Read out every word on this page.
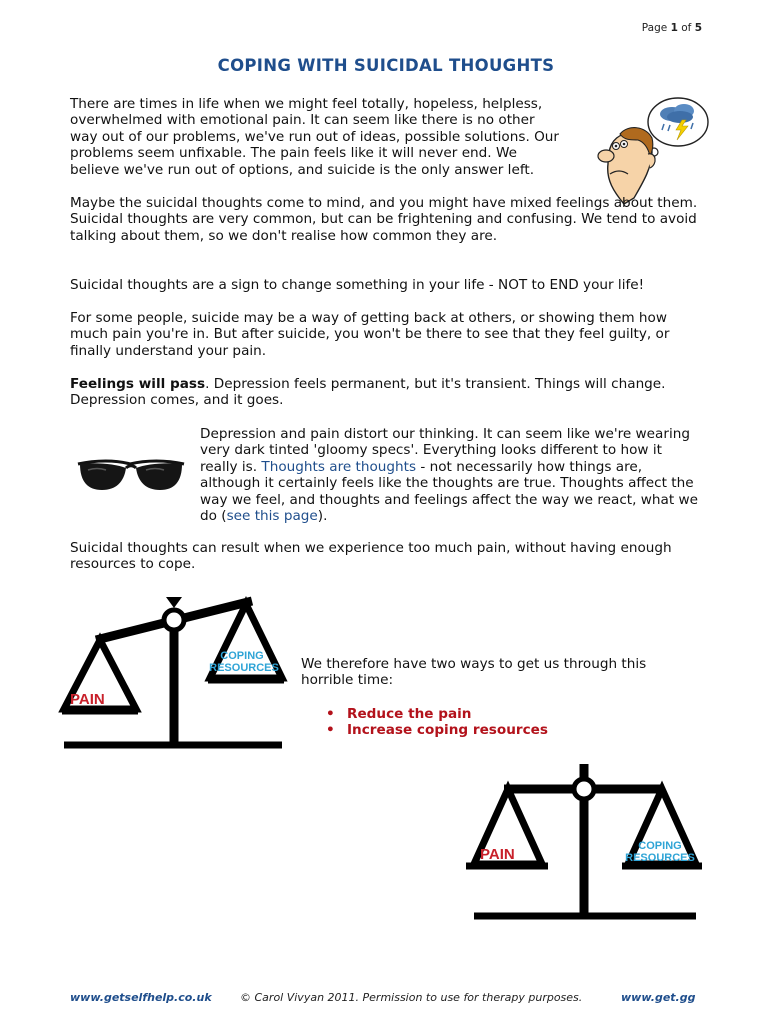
Page 1 of 5
COPING WITH SUICIDAL THOUGHTS

There are times in life when we might feel totally, hopeless, helpless, overwhelmed with emotional pain. It can seem like there is no other way out of our problems, we've run out of ideas, possible solutions. Our problems seem unfixable. The pain feels like it will never end. We believe we've run out of options, and suicide is the only answer left.

Maybe the suicidal thoughts come to mind, and you might have mixed feelings about them. Suicidal thoughts are very common, but can be frightening and confusing. We tend to avoid talking about them, so we don't realise how common they are.

Suicidal thoughts are a sign to change something in your life - NOT to END your life!

For some people, suicide may be a way of getting back at others, or showing them how much pain you're in. But after suicide, you won't be there to see that they feel guilty, or finally understand your pain.

Feelings will pass. Depression feels permanent, but it's transient. Things will change. Depression comes, and it goes.

Depression and pain distort our thinking. It can seem like we're wearing very dark tinted 'gloomy specs'. Everything looks different to how it really is. Thoughts are thoughts - not necessarily how things are, although it certainly feels like the thoughts are true. Thoughts affect the way we feel, and thoughts and feelings affect the way we react, what we do (see this page).

Suicidal thoughts can result when we experience too much pain, without having enough resources to cope.

PAIN
COPING
RESOURCES We therefore have two ways to get us through this horrible time:

• Reduce the pain
• Increase coping resources
PAIN	COPING
RESOURCES
www.getselfhelp.co.uk	© Carol Vivyan 2011. Permission to use for therapy purposes.	www.get.gg
